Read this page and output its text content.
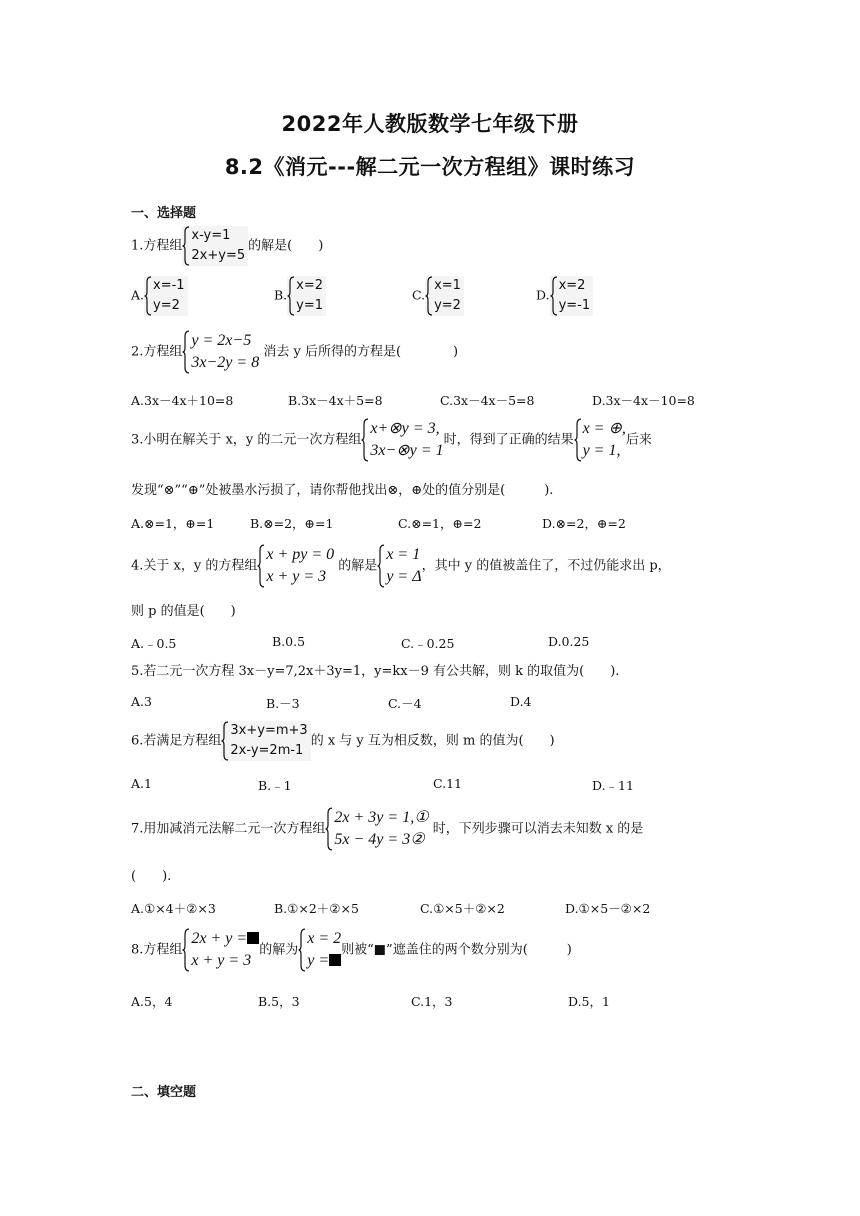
2022年人教版数学七年级下册
8.2《消元---解二元一次方程组》课时练习
一、选择题
1.方程组
x-y=1
2x+y=5
的解是(　　)
A.
x=-1
y=2
B.
x=2
y=1
C.
x=1
y=2
D.
x=2
y=-1
2.方程组
y = 2x−5
3x−2y = 8
消去 y 后所得的方程是(　　　　)
A.3x－4x＋10=8	B.3x－4x＋5=8	C.3x－4x－5=8	D.3x－4x－10=8
3.小明在解关于 x，y 的二元一次方程组
x+⊗y = 3,
3x−⊗y = 1
时，得到了正确的结果
x = ⊕,
y = 1,
后来
发现“⊗”“⊕”处被墨水污损了，请你帮他找出⊗，⊕处的值分别是(　　　).
A.⊗=1，⊕=1	B.⊗=2，⊕=1	C.⊗=1，⊕=2	D.⊗=2，⊕=2
4.关于 x，y 的方程组
x + py = 0
x + y = 3
的解是
x = 1
y = Δ
，其中 y 的值被盖住了，不过仍能求出 p，
则 p 的值是(　　)
A.﹣0.5	B.0.5	C.﹣0.25	D.0.25
5.若二元一次方程 3x－y=7,2x＋3y=1，y=kx－9 有公共解，则 k 的取值为(　　).
A.3	B.－3	C.－4	D.4
6.若满足方程组
3x+y=m+3
2x-y=2m-1
的 x 与 y 互为相反数，则 m 的值为(　　)
A.1	B.﹣1	C.11	D.﹣11
7.用加减消元法解二元一次方程组
2x + 3y = 1,①
5x − 4y = 3②
时，下列步骤可以消去未知数 x 的是
(　　).
A.①×4＋②×3	B.①×2＋②×5	C.①×5＋②×2	D.①×5－②×2
8.方程组
2x + y =
x + y = 3
的解为
x = 2
y =
则被“■”遮盖住的两个数分别为(　　　)
A.5，4	B.5，3	C.1，3	D.5，1
二、填空题
